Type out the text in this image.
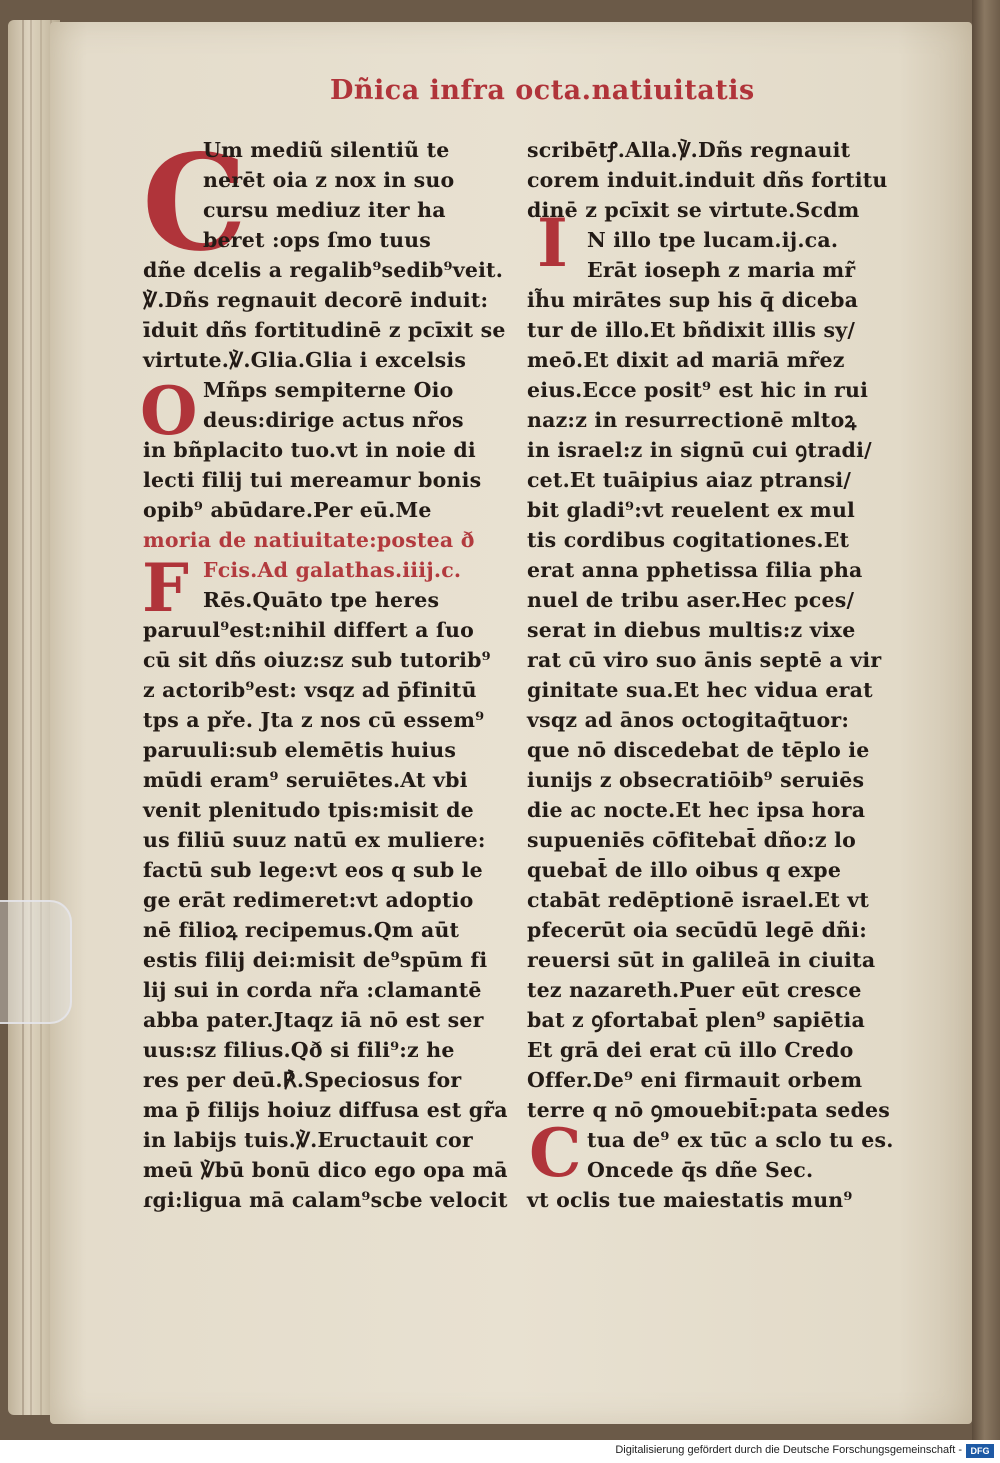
Dñica infra octa.natiuitatis
C
O
F
I
C
Um mediũ silentiũ te
nerēt oia z nox in suo
cursu mediuz iter ha
beret :ops ſmo tuus
dñe dcelis a regalib⁹sedib⁹veit.
℣.Dñs regnauit decorē induit:
īduit dñs fortitudinē z pcīxit se
virtute.℣.Glia.Glia i excelsis
Mñps sempiterne Oio
deus:dirige actus nr̃os
in bñplacito tuo.vt in noie di
lecti filij tui mereamur bonis
opib⁹ abūdare.Per eū.Me
moria de natiuitate:postea ð
Fcis.Ad galathas.iiij.c.
Rēs.Quāto tpe heres
paruul⁹est:nihil differt a ſuo
cū sit dñs oiuz:sz sub tutorib⁹
z actorib⁹est: vsqz ad p̄finitū
tps a pře. Jta z nos cū essem⁹
paruuli:sub elemētis huius
mūdi eram⁹ seruiētes.At vbi
venit plenitudo tpis:misit de
us filiū suuz natū ex muliere:
factū sub lege:vt eos q sub le
ge erāt redimeret:vt adoptio
nē filioꝝ recipemus.Qm aūt
estis filij dei:misit de⁹spūm fi
lij sui in corda nr̃a :clamantē
abba pater.Jtaqz iā nō est ser
uus:sz filius.Qð si fili⁹:z he
res per deū.℟.Speciosus for
ma p̄ filijs hoiuz diffusa est gr̃a
in labijs tuis.℣.Eructauit cor
meū ℣bū bonū dico ego opa mā
ɾgi:ligua mā calam⁹scbe velocit
scribētꝭ.Alla.℣.Dñs regnauit
corem induit.induit dñs fortitu
dinē z pcīxit se virtute.Scdm
N illo tpe lucam.ij.ca.
Erāt ioseph z maria mr̃
ih̃u mirātes sup his q̄ diceba
tur de illo.Et bñdixit illis sy/
meō.Et dixit ad mariā mr̃ez
eius.Ecce posit⁹ est hic in rui
naz:z in resurrectionē mltoꝝ
in israel:z in signū cui ꝯtradi/
cet.Et tuāipius aiaz ptransi/
bit gladi⁹:vt reuelent ex mul
tis cordibus cogitationes.Et
erat anna pphetissa filia pha
nuel de tribu aser.Hec pces/
serat in diebus multis:z vixe
rat cū viro suo ānis septē a vir
ginitate sua.Et hec vidua erat
vsqz ad ānos octogitaq̄tuor:
que nō discedebat de tēplo ie
iunijs z obsecratiōib⁹ seruiēs
die ac nocte.Et hec ipsa hora
supueniēs cōfitebat̄ dño:z lo
quebat̄ de illo oibus q expe
ctabāt redēptionē israel.Et vt
pfecerūt oia secūdū legē dñi:
reuersi sūt in galileā in ciuita
tez nazareth.Puer eūt cresce
bat z ꝯfortabat̄ plen⁹ sapiētia
Et grā dei erat cū illo Credo
Offer.De⁹ eni firmauit orbem
terre q nō ꝯmouebit̄:pata sedes
tua de⁹ ex tūc a sclo tu es.
Oncede q̄s dñe Sec.
vt oclis tue maiestatis mun⁹
Digitalisierung gefördert durch die Deutsche Forschungsgemeinschaft - DFG
